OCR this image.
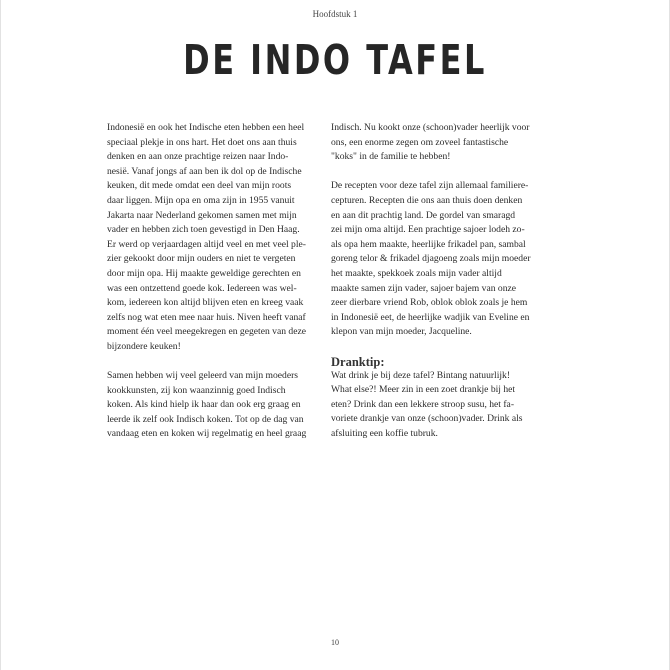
Hoofdstuk 1
DE INDO TAFEL

Indonesië en ook het Indische eten hebben een heel
speciaal plekje in ons hart. Het doet ons aan thuis
denken en aan onze prachtige reizen naar Indo-
nesië. Vanaf jongs af aan ben ik dol op de Indische
keuken, dit mede omdat een deel van mijn roots
daar liggen. Mijn opa en oma zijn in 1955 vanuit
Jakarta naar Nederland gekomen samen met mijn
vader en hebben zich toen gevestigd in Den Haag.
Er werd op verjaardagen altijd veel en met veel ple-
zier gekookt door mijn ouders en niet te vergeten
door mijn opa. Hij maakte geweldige gerechten en
was een ontzettend goede kok. Iedereen was wel-
kom, iedereen kon altijd blijven eten en kreeg vaak
zelfs nog wat eten mee naar huis. Niven heeft vanaf
moment één veel meegekregen en gegeten van deze
bijzondere keuken!

Samen hebben wij veel geleerd van mijn moeders
kookkunsten, zij kon waanzinnig goed Indisch
koken. Als kind hielp ik haar dan ook erg graag en
leerde ik zelf ook Indisch koken. Tot op de dag van
vandaag eten en koken wij regelmatig en heel graag

Indisch. Nu kookt onze (schoon)vader heerlijk voor
ons, een enorme zegen om zoveel fantastische
"koks" in de familie te hebben!

De recepten voor deze tafel zijn allemaal familiere-
cepturen. Recepten die ons aan thuis doen denken
en aan dit prachtig land. De gordel van smaragd
zei mijn oma altijd. Een prachtige sajoer lodeh zo-
als opa hem maakte, heerlijke frikadel pan, sambal
goreng telor & frikadel djagoeng zoals mijn moeder
het maakte, spekkoek zoals mijn vader altijd
maakte samen zijn vader, sajoer bajem van onze
zeer dierbare vriend Rob, oblok oblok zoals je hem
in Indonesië eet, de heerlijke wadjik van Eveline en
klepon van mijn moeder, Jacqueline.

Dranktip:

Wat drink je bij deze tafel? Bintang natuurlijk!
What else?! Meer zin in een zoet drankje bij het
eten? Drink dan een lekkere stroop susu, het fa-
voriete drankje van onze (schoon)vader. Drink als
afsluiting een koffie tubruk.

10
